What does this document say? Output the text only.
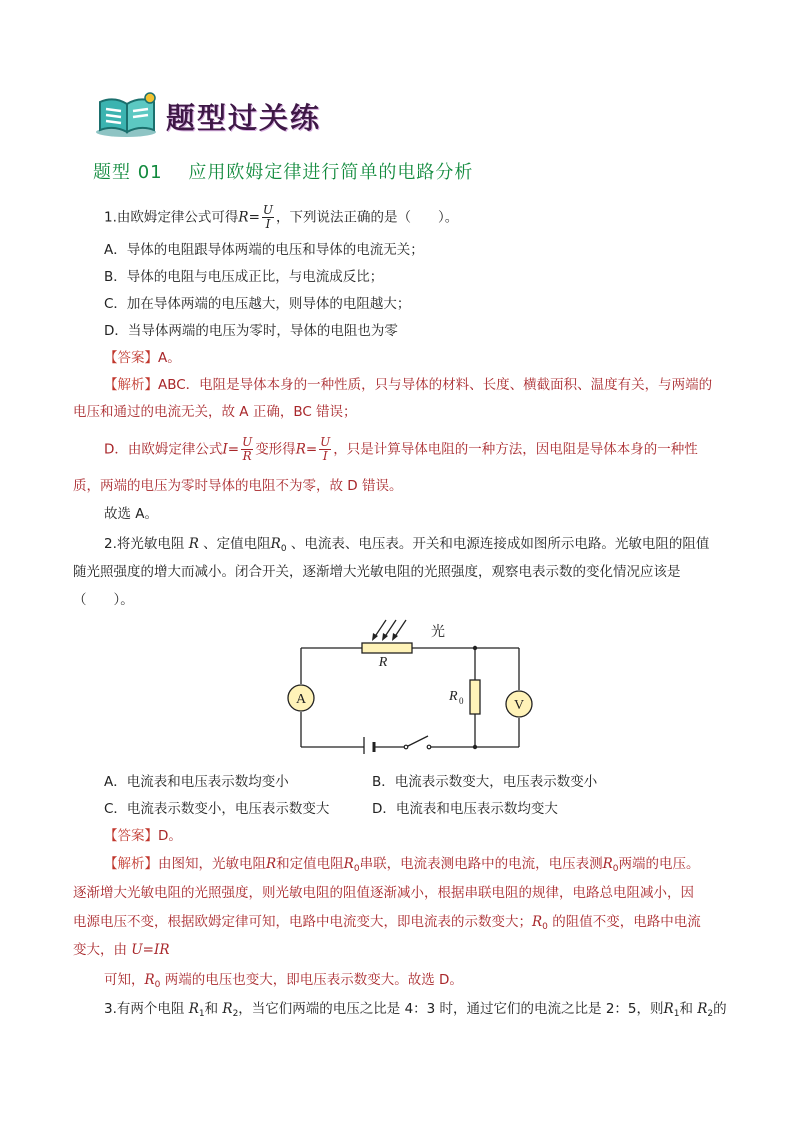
题型过关练
题型 01　 应用欧姆定律进行简单的电路分析
1.由欧姆定律公式可得$R= \frac{U}{I}$ ，下列说法正确的是（　　）。
A．导体的电阻跟导体两端的电压和导体的电流无关；
B．导体的电阻与电压成正比，与电流成反比；
C．加在导体两端的电压越大，则导体的电阻越大；
D．当导体两端的电压为零时，导体的电阻也为零
【答案】A。
【解析】ABC．电阻是导体本身的一种性质，只与导体的材料、长度、横截面积、温度有关，与两端的
电压和通过的电流无关，故 A 正确，BC 错误；
D．由欧姆定律公式$I= \frac{U}{R}$ 变形得$R= \frac{U}{I}$ ，只是计算导体电阻的一种方法，因电阻是导体本身的一种性
质，两端的电压为零时导体的电阻不为零，故 D 错误。
故选 A。
2.将光敏电阻 R 、定值电阻$R_0$ 、电流表、电压表。开关和电源连接成如图所示电路。光敏电阻的阻值
随光照强度的增大而减小。闭合开关，逐渐增大光敏电阻的光照强度，观察电表示数的变化情况应该是
（　　）。
A	V
R
R 0
光
A．电流表和电压表示数均变小	B．电流表示数变大，电压表示数变小
C．电流表示数变小，电压表示数变大	D．电流表和电压表示数均变大
【答案】D。
【解析】由图知，光敏电阻R和定值电阻$R_0$串联，电流表测电路中的电流，电压表测$R_0$两端的电压。
逐渐增大光敏电阻的光照强度，则光敏电阻的阻值逐渐减小，根据串联电阻的规律，电路总电阻减小，因
电源电压不变，根据欧姆定律可知，电路中电流变大，即电流表的示数变大；$R_0$ 的阻值不变，电路中电流
变大，由 U=IR
可知，$R_0$ 两端的电压也变大，即电压表示数变大。故选 D。
3.有两个电阻 $R_1$和 $R_2$，当它们两端的电压之比是 4：3 时，通过它们的电流之比是 2：5，则$R_1$和 $R_2$的
